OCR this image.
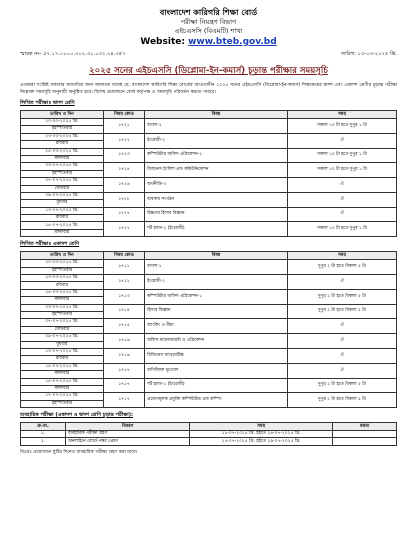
বাংলাদেশ কারিগরি শিক্ষা বোর্ড
পরীক্ষা নিয়ন্ত্রণ বিভাগ
এইচএসসি (বিএমটি) শাখা
Website: www.bteb.gov.bd
স্মারক নং- ৫৭.১৭.০০০০.৩০২.৩১.০৩২.২৪.৩৫৭	তারিখ: ১৩-০৩-২০২৫ খ্রি.
২০২৫ সনের এইচএসসি (ডিপ্লোমা-ইন-কমার্স) চূড়ান্ত পরীক্ষার সময়সূচি
এতদ্বারা সংশ্লিষ্ট সকলের অবগতির জন্য জানানো যাচ্ছে যে, বাংলাদেশ কারিগরি শিক্ষা বোর্ডের আওতাধীন ২০২৫ সনের এইচএসসি (ডিপ্লোমা-ইন-কমার্স) শিক্ষাক্রমের দ্বাদশ এবং একাদশ শ্রেণীর চূড়ান্ত পরীক্ষা নিম্নোক্ত সময়সূচি অনুযায়ী অনুষ্ঠিত হবে। বিশেষ প্রয়োজনে বোর্ড কর্তৃপক্ষ এ সময়সূচি পরিবর্তন করতে পারবে।
লিখিত পরীক্ষাঃ দ্বাদশ শ্রেণি
তারিখ ও দিন	বিষয় কোড	বিষয়	সময়
২০-০৩-২০২৫ খ্রি.	১৭২১	বাংলা-২	সকাল ১০ টা হতে দুপুর ১ টা
বৃহস্পতিবার			
২৩-০৩-২০২৫ খ্রি.	১৭২২	ইংরেজী-২	ঐ
রবিবার			
২৫-০৩-২০২৫ খ্রি.	১৭২৩	কম্পিউটার অফিস এপ্লিকেশন-২	সকাল ১০ টা হতে দুপুর ১ টা
মঙ্গলবার			
০৩-০৭-২০২৫ খ্রি.	১৭২৪	বিজনেস ইংলিশ এন্ড কমিউনিকেশন	সকাল ১০ টা হতে দুপুর ১ টা
বৃহস্পতিবার			
০৭-০৭-২০২৫ খ্রি.	১৭২৬	অর্থনীতি-২	ঐ
সোমবার			
০৯-০৭-২০২৫ খ্রি.	১৭২৮	ব্যবসায় সংগঠন	ঐ
বুধবার			
১৩-০৭-২০২৫ খ্রি.	১৭২৭	উচ্চতর হিসাব বিজ্ঞান	ঐ
রবিবার			
১৫-০৭-২০২৫ খ্রি.	১৭২৭	শর্ট হ্যান্ড-২ (ইংরেজী)	সকাল ১০ টা হতে দুপুর ১ টা
মঙ্গলবার			
লিখিত পরীক্ষাঃ একাদশ শ্রেণি
তারিখ ও দিন	বিষয় কোড	বিষয়	সময়
২০-০৩-২০২৫ খ্রি.	১৭১১	বাংলা-১	দুপুর ২ টা হতে বিকাল ৫ টা
বৃহস্পতিবার			
২৩-০৩-২০২৫ খ্রি.	১৭১২	ইংরেজী-১	ঐ
রবিবার			
২৫-০৩-২০২৫ খ্রি.	১৭১৩	কম্পিউটার অফিস এপ্লিকেশন-১	দুপুর ২ টা হতে বিকাল ৫ টা
মঙ্গলবার			
০৩-০৭-২০২৫ খ্রি.	১৭১৪	হিসাব বিজ্ঞান	দুপুর ২ টা হতে বিকাল ৫ টা
বৃহস্পতিবার			
০৭-০৭-২০২৫ খ্রি.	১৭১৫	ব্যাংকিং ও বীমা	ঐ
সোমবার			
০৯-০৭-২০২৫ খ্রি.	১৭১৬	অফিস ম্যানেজমেন্ট ও এপ্লিকেশন	ঐ
বুধবার			
১৩-০৭-২০২৫ খ্রি.	১৭১৬	বিজিনেস ম্যাথমেটিক্স	ঐ
রবিবার			
১৫-০৭-২০২৫ খ্রি.	১৭১৭	বাণিজ্যিক ভূগোল	ঐ
মঙ্গলবার			
১৫-০৭-২০২৫ খ্রি.	১৭১৭	শর্ট হ্যান্ড-১ (ইংরেজী)	দুপুর ২ টা হতে বিকাল ৫ টা
মঙ্গলবার			
১৭-০৭-২০২৫ খ্রি.	১৭১৭	প্রয়োগমূলক প্রযুক্তি কম্পিউটার এন্ড কম্পিং	দুপুর ২ টা হতে বিকাল ৫ টা
বৃহস্পতিবার			
ব্যবহারিক পরীক্ষা (একাদশ ও দ্বাদশ শ্রেণি চূড়ান্ত পরীক্ষা):
ক্র.নং.	বিবরণ	সময়	মন্তব্য
১.	ব্যবহারিক পরীক্ষা গ্রহণ	১৮-০৭-২০২৫ খ্রি. হইতে ২৪-০৭-২০২৫ খ্রি.	
২.	অনলাইনে বোর্ডে নম্বর প্রেরণ	২৫-০৭-২০২৫ খ্রি. হইতে ২৯-০৭-২০২৫ খ্রি.	
বিঃদ্রঃ প্রয়োজনে ছুটির দিনেও ব্যবহারিক পরীক্ষা গ্রহণ করা যাবে।
